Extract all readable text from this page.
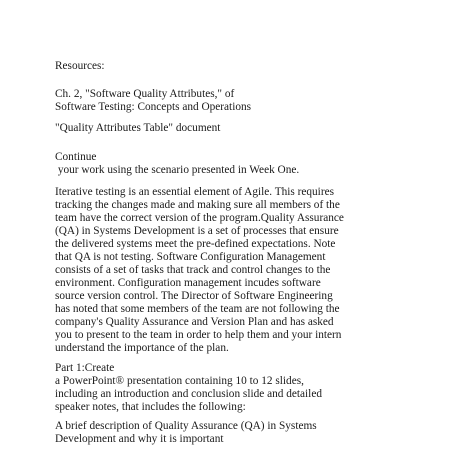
Resources:

Ch. 2, "Software Quality Attributes," of

Software Testing: Concepts and Operations

"Quality Attributes Table" document

Continue

your work using the scenario presented in Week One.

Iterative testing is an essential element of Agile. This requires

tracking the changes made and making sure all members of the

team have the correct version of the program.Quality Assurance

(QA) in Systems Development is a set of processes that ensure

the delivered systems meet the pre-defined expectations. Note

that QA is not testing. Software Configuration Management

consists of a set of tasks that track and control changes to the

environment. Configuration management incudes software

source version control. The Director of Software Engineering

has noted that some members of the team are not following the

company's Quality Assurance and Version Plan and has asked

you to present to the team in order to help them and your intern

understand the importance of the plan.

Part 1:Create

a PowerPoint® presentation containing 10 to 12 slides,

including an introduction and conclusion slide and detailed

speaker notes, that includes the following:

A brief description of Quality Assurance (QA) in Systems

Development and why it is important
